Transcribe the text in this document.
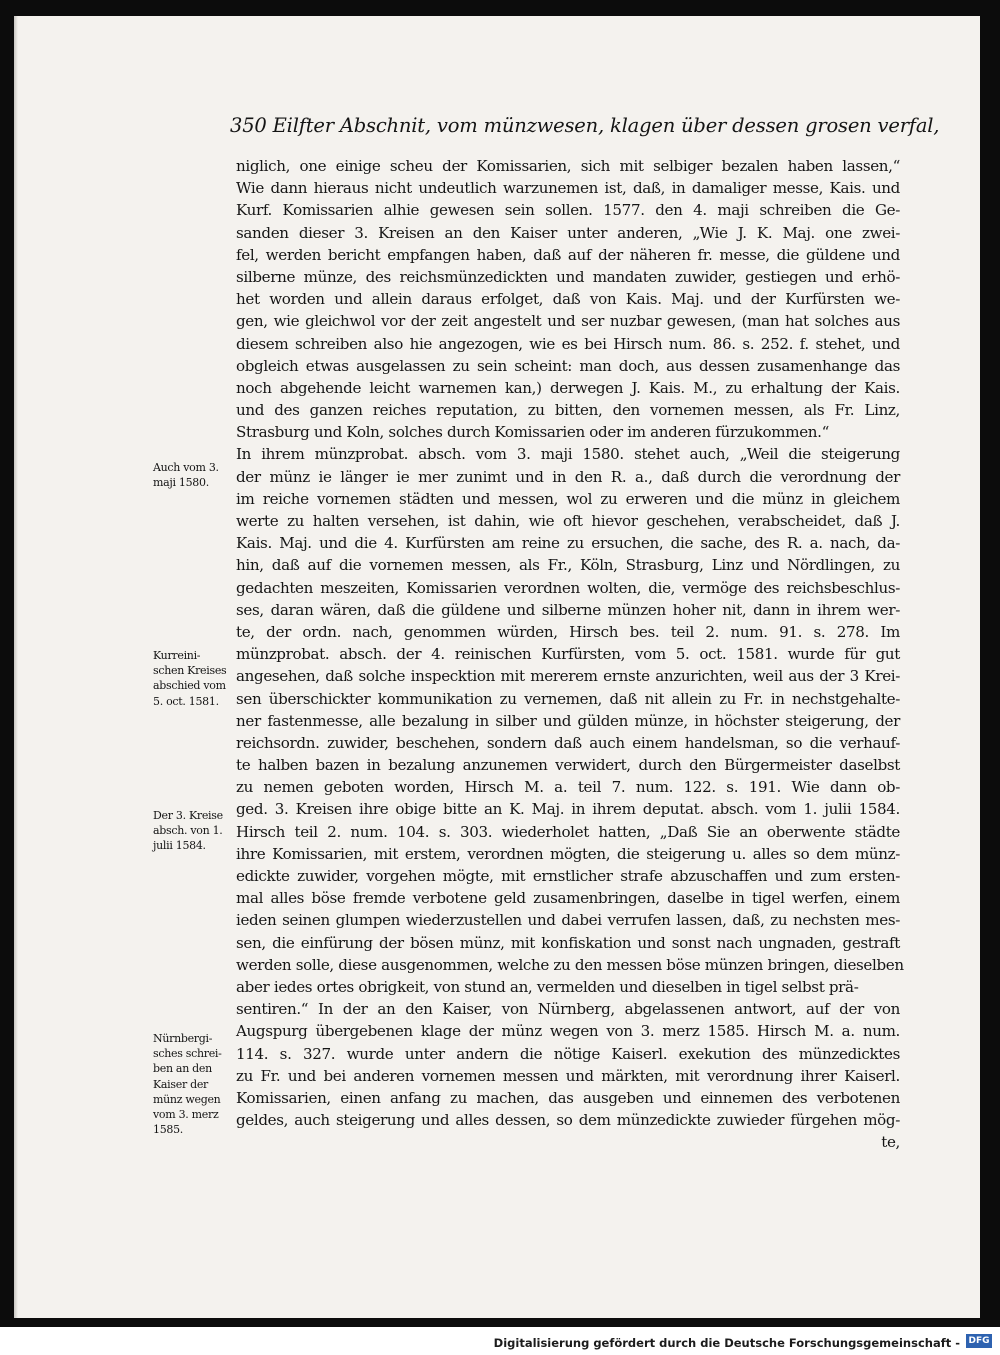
350 Eilfter Abschnit, vom münzwesen, klagen über dessen grosen verfal,
niglich, one einige scheu der Komissarien, sich mit selbiger bezalen haben lassen,“
Wie dann hieraus nicht undeutlich warzunemen ist, daß, in damaliger messe, Kais. und
Kurf. Komissarien alhie gewesen sein sollen. 1577. den 4. maji schreiben die Ge-
sanden dieser 3. Kreisen an den Kaiser unter anderen, „Wie J. K. Maj. one zwei-
fel, werden bericht empfangen haben, daß auf der näheren fr. messe, die güldene und
silberne münze, des reichsmünzedickten und mandaten zuwider, gestiegen und erhö-
het worden und allein daraus erfolget, daß von Kais. Maj. und der Kurfürsten we-
gen, wie gleichwol vor der zeit angestelt und ser nuzbar gewesen, (man hat solches aus
diesem schreiben also hie angezogen, wie es bei Hirsch num. 86. s. 252. f. stehet, und
obgleich etwas ausgelassen zu sein scheint: man doch, aus dessen zusamenhange das
noch abgehende leicht warnemen kan,) derwegen J. Kais. M., zu erhaltung der Kais.
und des ganzen reiches reputation, zu bitten, den vornemen messen, als Fr. Linz,
Strasburg und Koln, solches durch Komissarien oder im anderen fürzukommen.“
In ihrem münzprobat. absch. vom 3. maji 1580. stehet auch, „Weil die steigerung
der münz ie länger ie mer zunimt und in den R. a., daß durch die verordnung der
im reiche vornemen städten und messen, wol zu erweren und die münz in gleichem
werte zu halten versehen, ist dahin, wie oft hievor geschehen, verabscheidet, daß J.
Kais. Maj. und die 4. Kurfürsten am reine zu ersuchen, die sache, des R. a. nach, da-
hin, daß auf die vornemen messen, als Fr., Köln, Strasburg, Linz und Nördlingen, zu
gedachten meszeiten, Komissarien verordnen wolten, die, vermöge des reichsbeschlus-
ses, daran wären, daß die güldene und silberne münzen hoher nit, dann in ihrem wer-
te, der ordn. nach, genommen würden, Hirsch bes. teil 2. num. 91. s. 278. Im
münzprobat. absch. der 4. reinischen Kurfürsten, vom 5. oct. 1581. wurde für gut
angesehen, daß solche inspecktion mit mererem ernste anzurichten, weil aus der 3 Krei-
sen überschickter kommunikation zu vernemen, daß nit allein zu Fr. in nechstgehalte-
ner fastenmesse, alle bezalung in silber und gülden münze, in höchster steigerung, der
reichsordn. zuwider, beschehen, sondern daß auch einem handelsman, so die verhauf-
te halben bazen in bezalung anzunemen verwidert, durch den Bürgermeister daselbst
zu nemen geboten worden, Hirsch M. a. teil 7. num. 122. s. 191. Wie dann ob-
ged. 3. Kreisen ihre obige bitte an K. Maj. in ihrem deputat. absch. vom 1. julii 1584.
Hirsch teil 2. num. 104. s. 303. wiederholet hatten, „Daß Sie an oberwente städte
ihre Komissarien, mit erstem, verordnen mögten, die steigerung u. alles so dem münz-
edickte zuwider, vorgehen mögte, mit ernstlicher strafe abzuschaffen und zum ersten-
mal alles böse fremde verbotene geld zusamenbringen, daselbe in tigel werfen, einem
ieden seinen glumpen wiederzustellen und dabei verrufen lassen, daß, zu nechsten mes-
sen, die einfürung der bösen münz, mit konfiskation und sonst nach ungnaden, gestraft
werden solle, diese ausgenommen, welche zu den messen böse münzen bringen, dieselben
aber iedes ortes obrigkeit, von stund an, vermelden und dieselben in tigel selbst prä-
sentiren.“ In der an den Kaiser, von Nürnberg, abgelassenen antwort, auf der von
Augspurg übergebenen klage der münz wegen von 3. merz 1585. Hirsch M. a. num.
114. s. 327. wurde unter andern die nötige Kaiserl. exekution des münzedicktes
zu Fr. und bei anderen vornemen messen und märkten, mit verordnung ihrer Kaiserl.
Komissarien, einen anfang zu machen, das ausgeben und einnemen des verbotenen
geldes, auch steigerung und alles dessen, so dem münzedickte zuwieder fürgehen mög-
te,
Auch vom 3.
maji 1580.
Kurreini-
schen Kreises
abschied vom
5. oct. 1581.
Der 3. Kreise
absch. von 1.
julii 1584.
Nürnbergi-
sches schrei-
ben an den
Kaiser der
münz wegen
vom 3. merz
1585.
Digitalisierung gefördert durch die Deutsche Forschungsgemeinschaft - DFG
